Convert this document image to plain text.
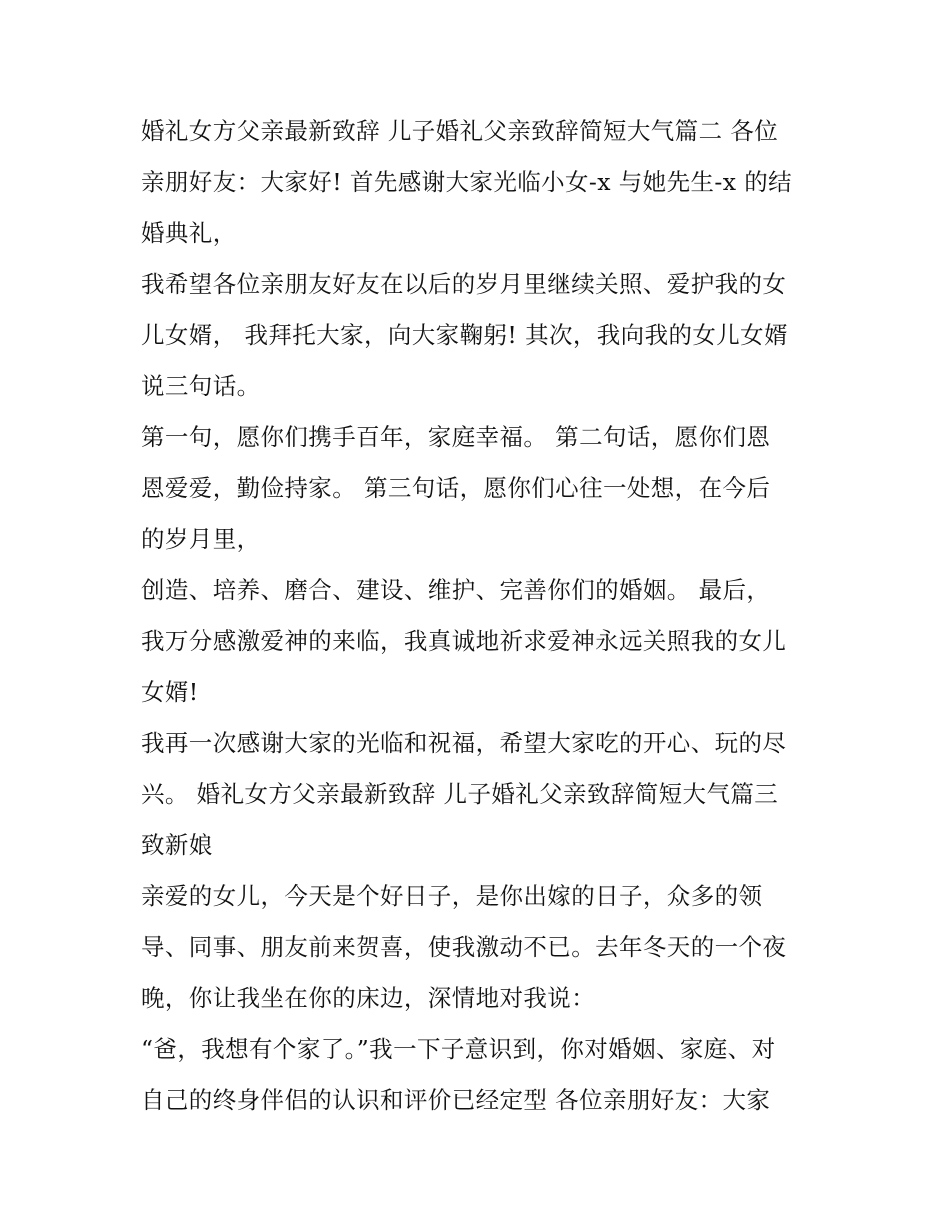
婚礼女方父亲最新致辞 儿子婚礼父亲致辞简短大气篇二 各位
亲朋好友：大家好! 首先感谢大家光临小女-x 与她先生-x 的结
婚典礼，
我希望各位亲朋友好友在以后的岁月里继续关照、爱护我的女
儿女婿， 我拜托大家，向大家鞠躬! 其次，我向我的女儿女婿
说三句话。
第一句，愿你们携手百年，家庭幸福。 第二句话，愿你们恩
恩爱爱，勤俭持家。 第三句话，愿你们心往一处想，在今后
的岁月里，
创造、培养、磨合、建设、维护、完善你们的婚姻。 最后，
我万分感激爱神的来临，我真诚地祈求爱神永远关照我的女儿
女婿!
我再一次感谢大家的光临和祝福，希望大家吃的开心、玩的尽
兴。 婚礼女方父亲最新致辞 儿子婚礼父亲致辞简短大气篇三
致新娘
亲爱的女儿，今天是个好日子，是你出嫁的日子，众多的领
导、同事、朋友前来贺喜，使我激动不已。去年冬天的一个夜
晚，你让我坐在你的床边，深情地对我说：
“爸，我想有个家了。”我一下子意识到，你对婚姻、家庭、对
自己的终身伴侣的认识和评价已经定型 各位亲朋好友：大家
